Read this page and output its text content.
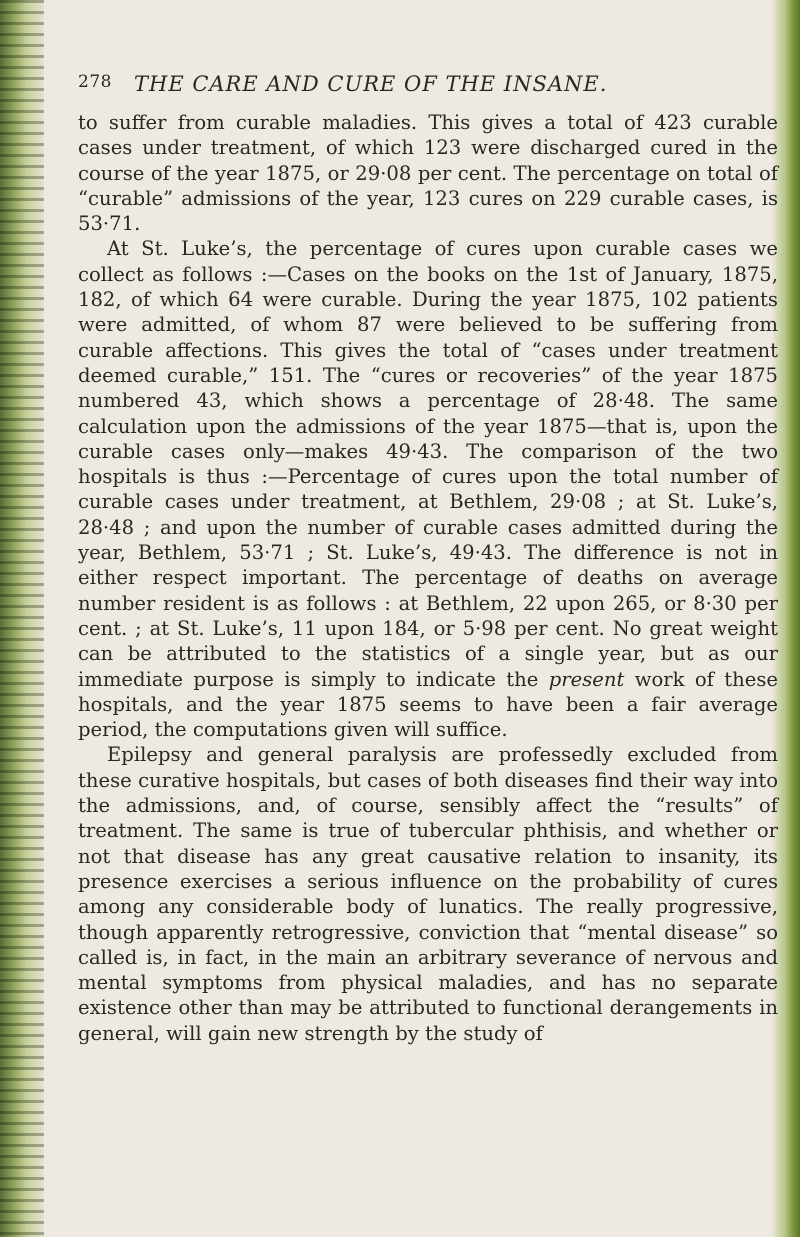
278 THE CARE AND CURE OF THE INSANE.

to suffer from curable maladies. This gives a total of 423 curable cases under treatment, of which 123 were discharged cured in the course of the year 1875, or 29·08 per cent. The percentage on total of “curable” admissions of the year, 123 cures on 229 curable cases, is 53·71.

At St. Luke’s, the percentage of cures upon curable cases we collect as follows :—Cases on the books on the 1st of January, 1875, 182, of which 64 were curable. During the year 1875, 102 patients were admitted, of whom 87 were believed to be suffering from curable affections. This gives the total of “cases under treatment deemed curable,” 151. The “cures or recoveries” of the year 1875 numbered 43, which shows a percentage of 28·48. The same calculation upon the admissions of the year 1875—that is, upon the curable cases only—makes 49·43. The comparison of the two hospitals is thus :—Percentage of cures upon the total number of curable cases under treatment, at Bethlem, 29·08 ; at St. Luke’s, 28·48 ; and upon the number of curable cases admitted during the year, Bethlem, 53·71 ; St. Luke’s, 49·43. The difference is not in either respect important. The percentage of deaths on average number resident is as follows : at Bethlem, 22 upon 265, or 8·30 per cent. ; at St. Luke’s, 11 upon 184, or 5·98 per cent. No great weight can be attributed to the statistics of a single year, but as our immediate purpose is simply to indicate the present work of these hospitals, and the year 1875 seems to have been a fair average period, the computations given will suffice.

Epilepsy and general paralysis are professedly excluded from these curative hospitals, but cases of both diseases find their way into the admissions, and, of course, sensibly affect the “results” of treatment. The same is true of tubercular phthisis, and whether or not that disease has any great causative relation to insanity, its presence exercises a serious influence on the probability of cures among any considerable body of lunatics. The really progressive, though apparently retrogressive, conviction that “mental disease” so called is, in fact, in the main an arbitrary severance of nervous and mental symptoms from physical maladies, and has no separate existence other than may be attributed to functional derangements in general, will gain new strength by the study of
